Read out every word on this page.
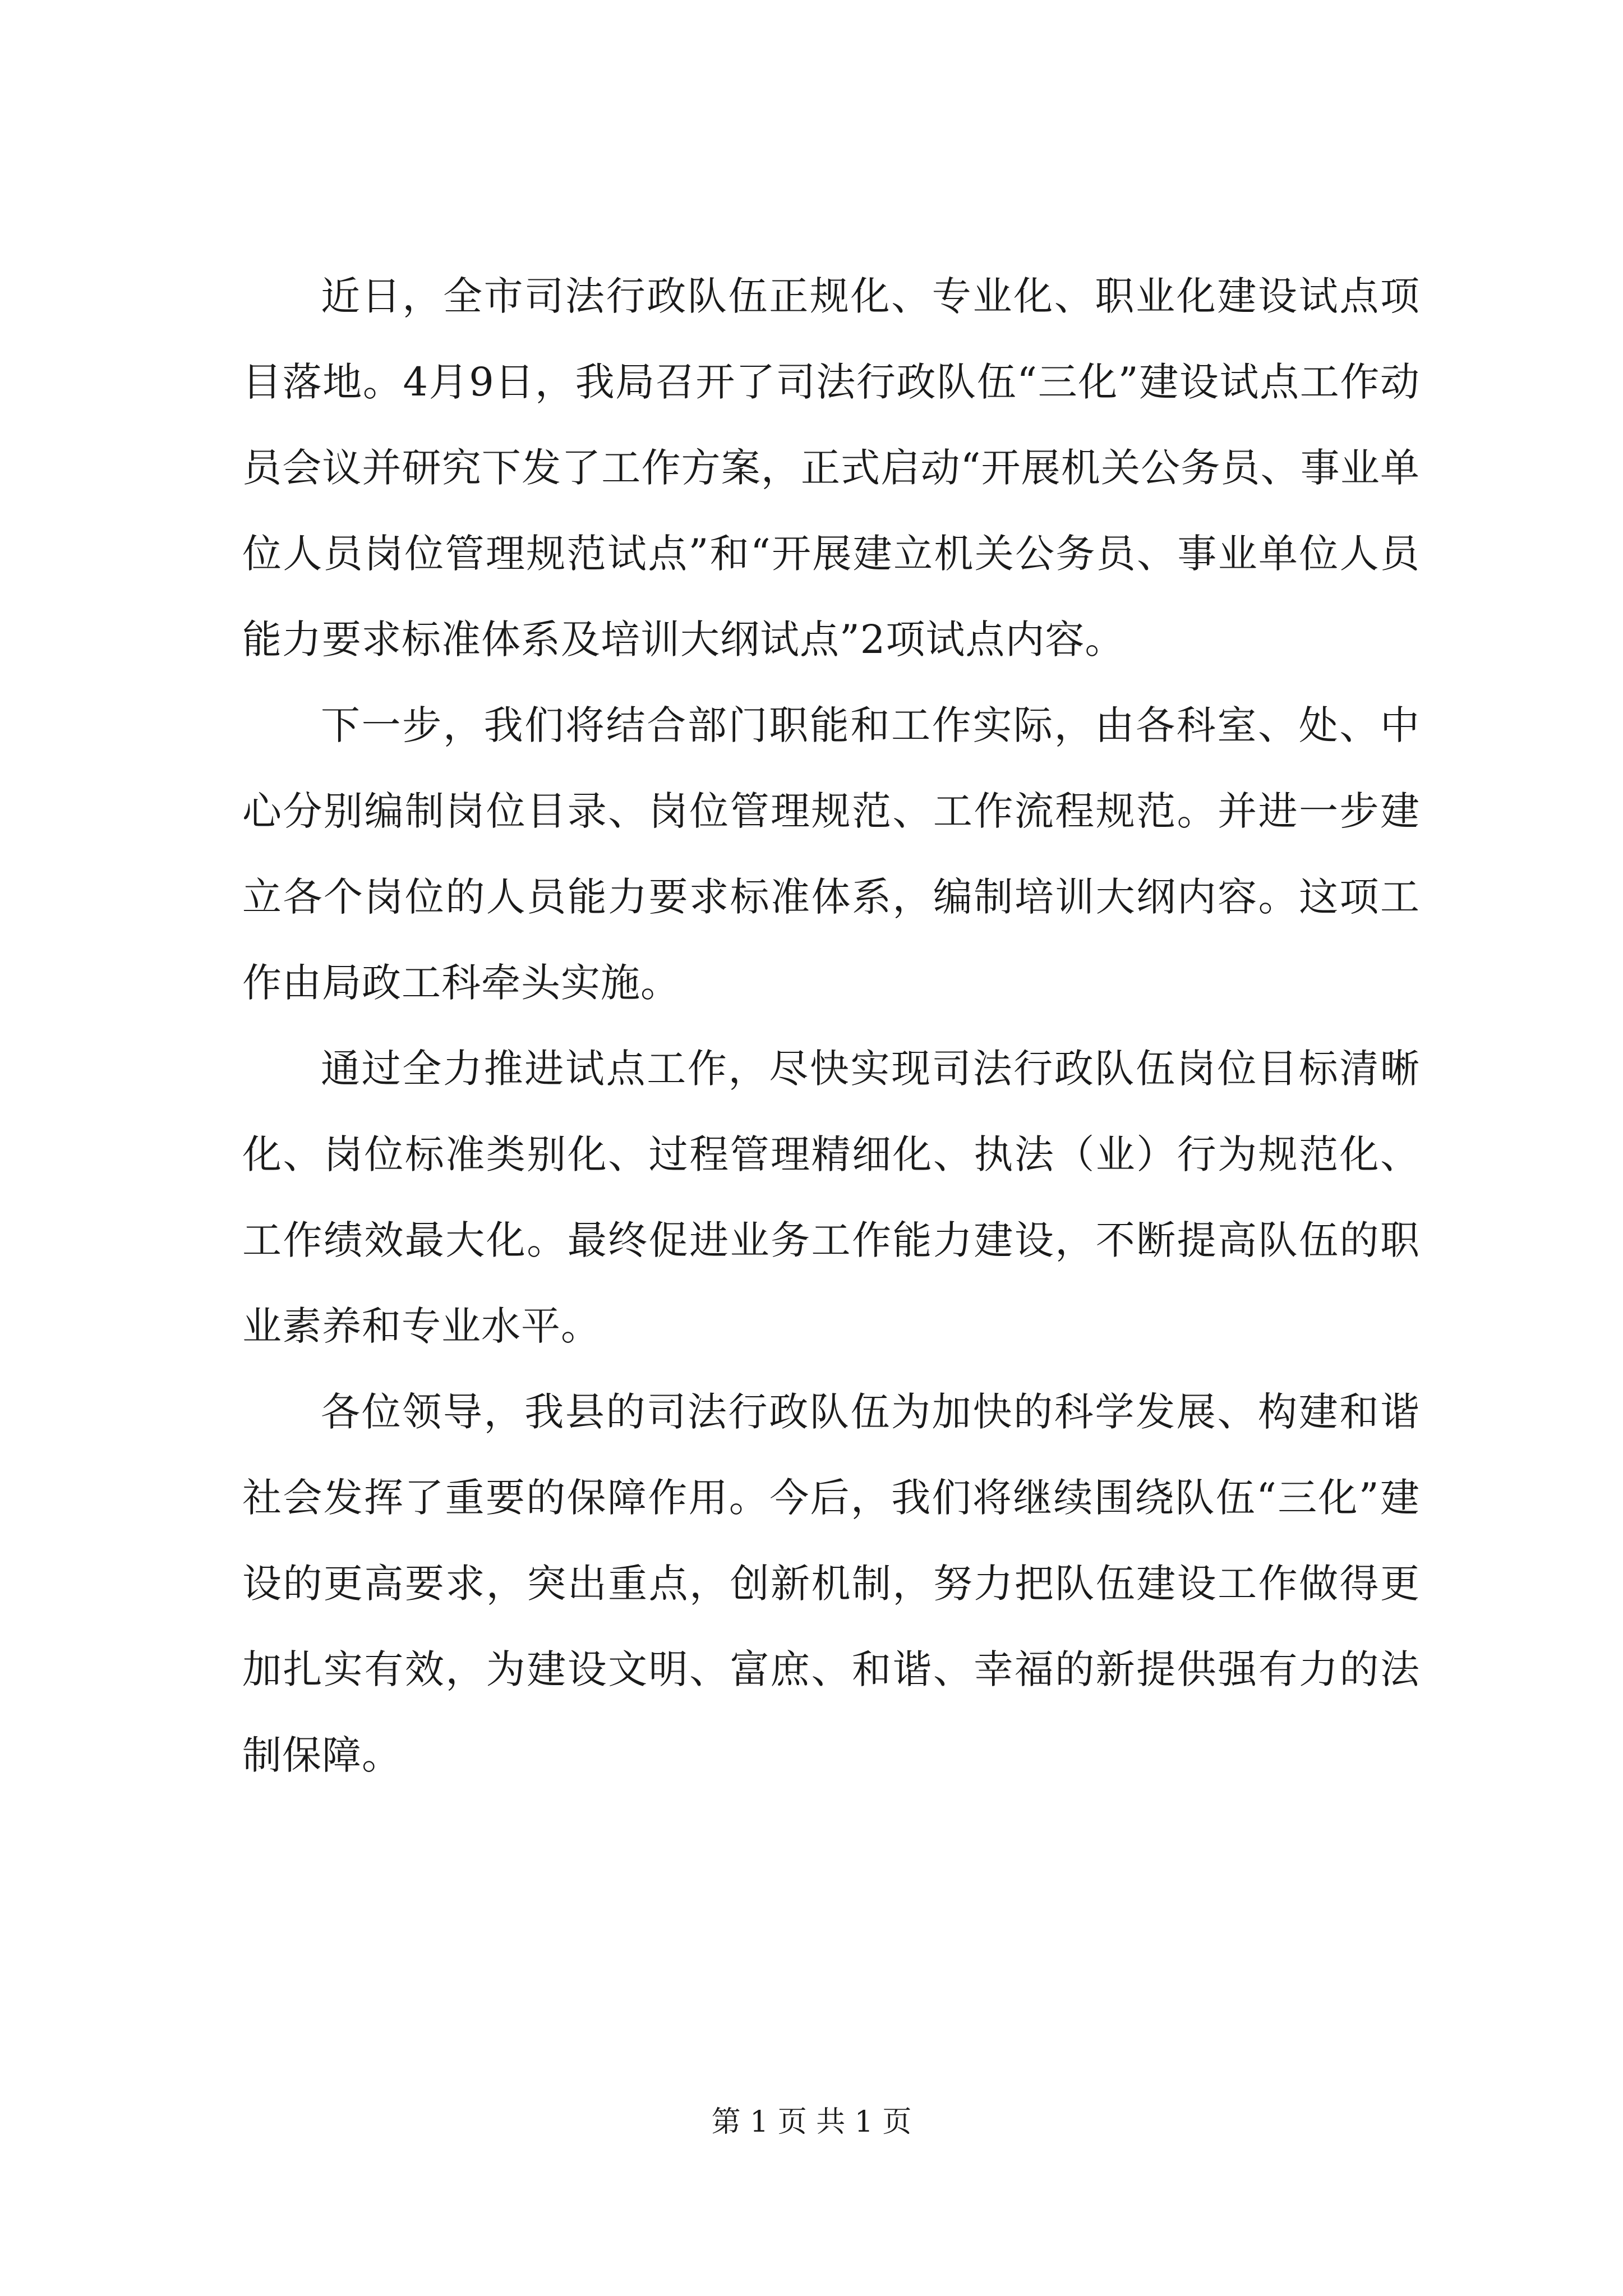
近日，全市司法行政队伍正规化、专业化、职业化建设试点项目落地。4月9日，我局召开了司法行政队伍“三化”建设试点工作动员会议并研究下发了工作方案，正式启动“开展机关公务员、事业单位人员岗位管理规范试点”和“开展建立机关公务员、事业单位人员能力要求标准体系及培训大纲试点”2项试点内容。

下一步，我们将结合部门职能和工作实际，由各科室、处、中心分别编制岗位目录、岗位管理规范、工作流程规范。并进一步建立各个岗位的人员能力要求标准体系，编制培训大纲内容。这项工作由局政工科牵头实施。

通过全力推进试点工作，尽快实现司法行政队伍岗位目标清晰化、岗位标准类别化、过程管理精细化、执法（业）行为规范化、工作绩效最大化。最终促进业务工作能力建设，不断提高队伍的职业素养和专业水平。

各位领导，我县的司法行政队伍为加快的科学发展、构建和谐社会发挥了重要的保障作用。今后，我们将继续围绕队伍“三化”建设的更高要求，突出重点，创新机制，努力把队伍建设工作做得更加扎实有效，为建设文明、富庶、和谐、幸福的新提供强有力的法制保障。

第 1 页 共 1 页
